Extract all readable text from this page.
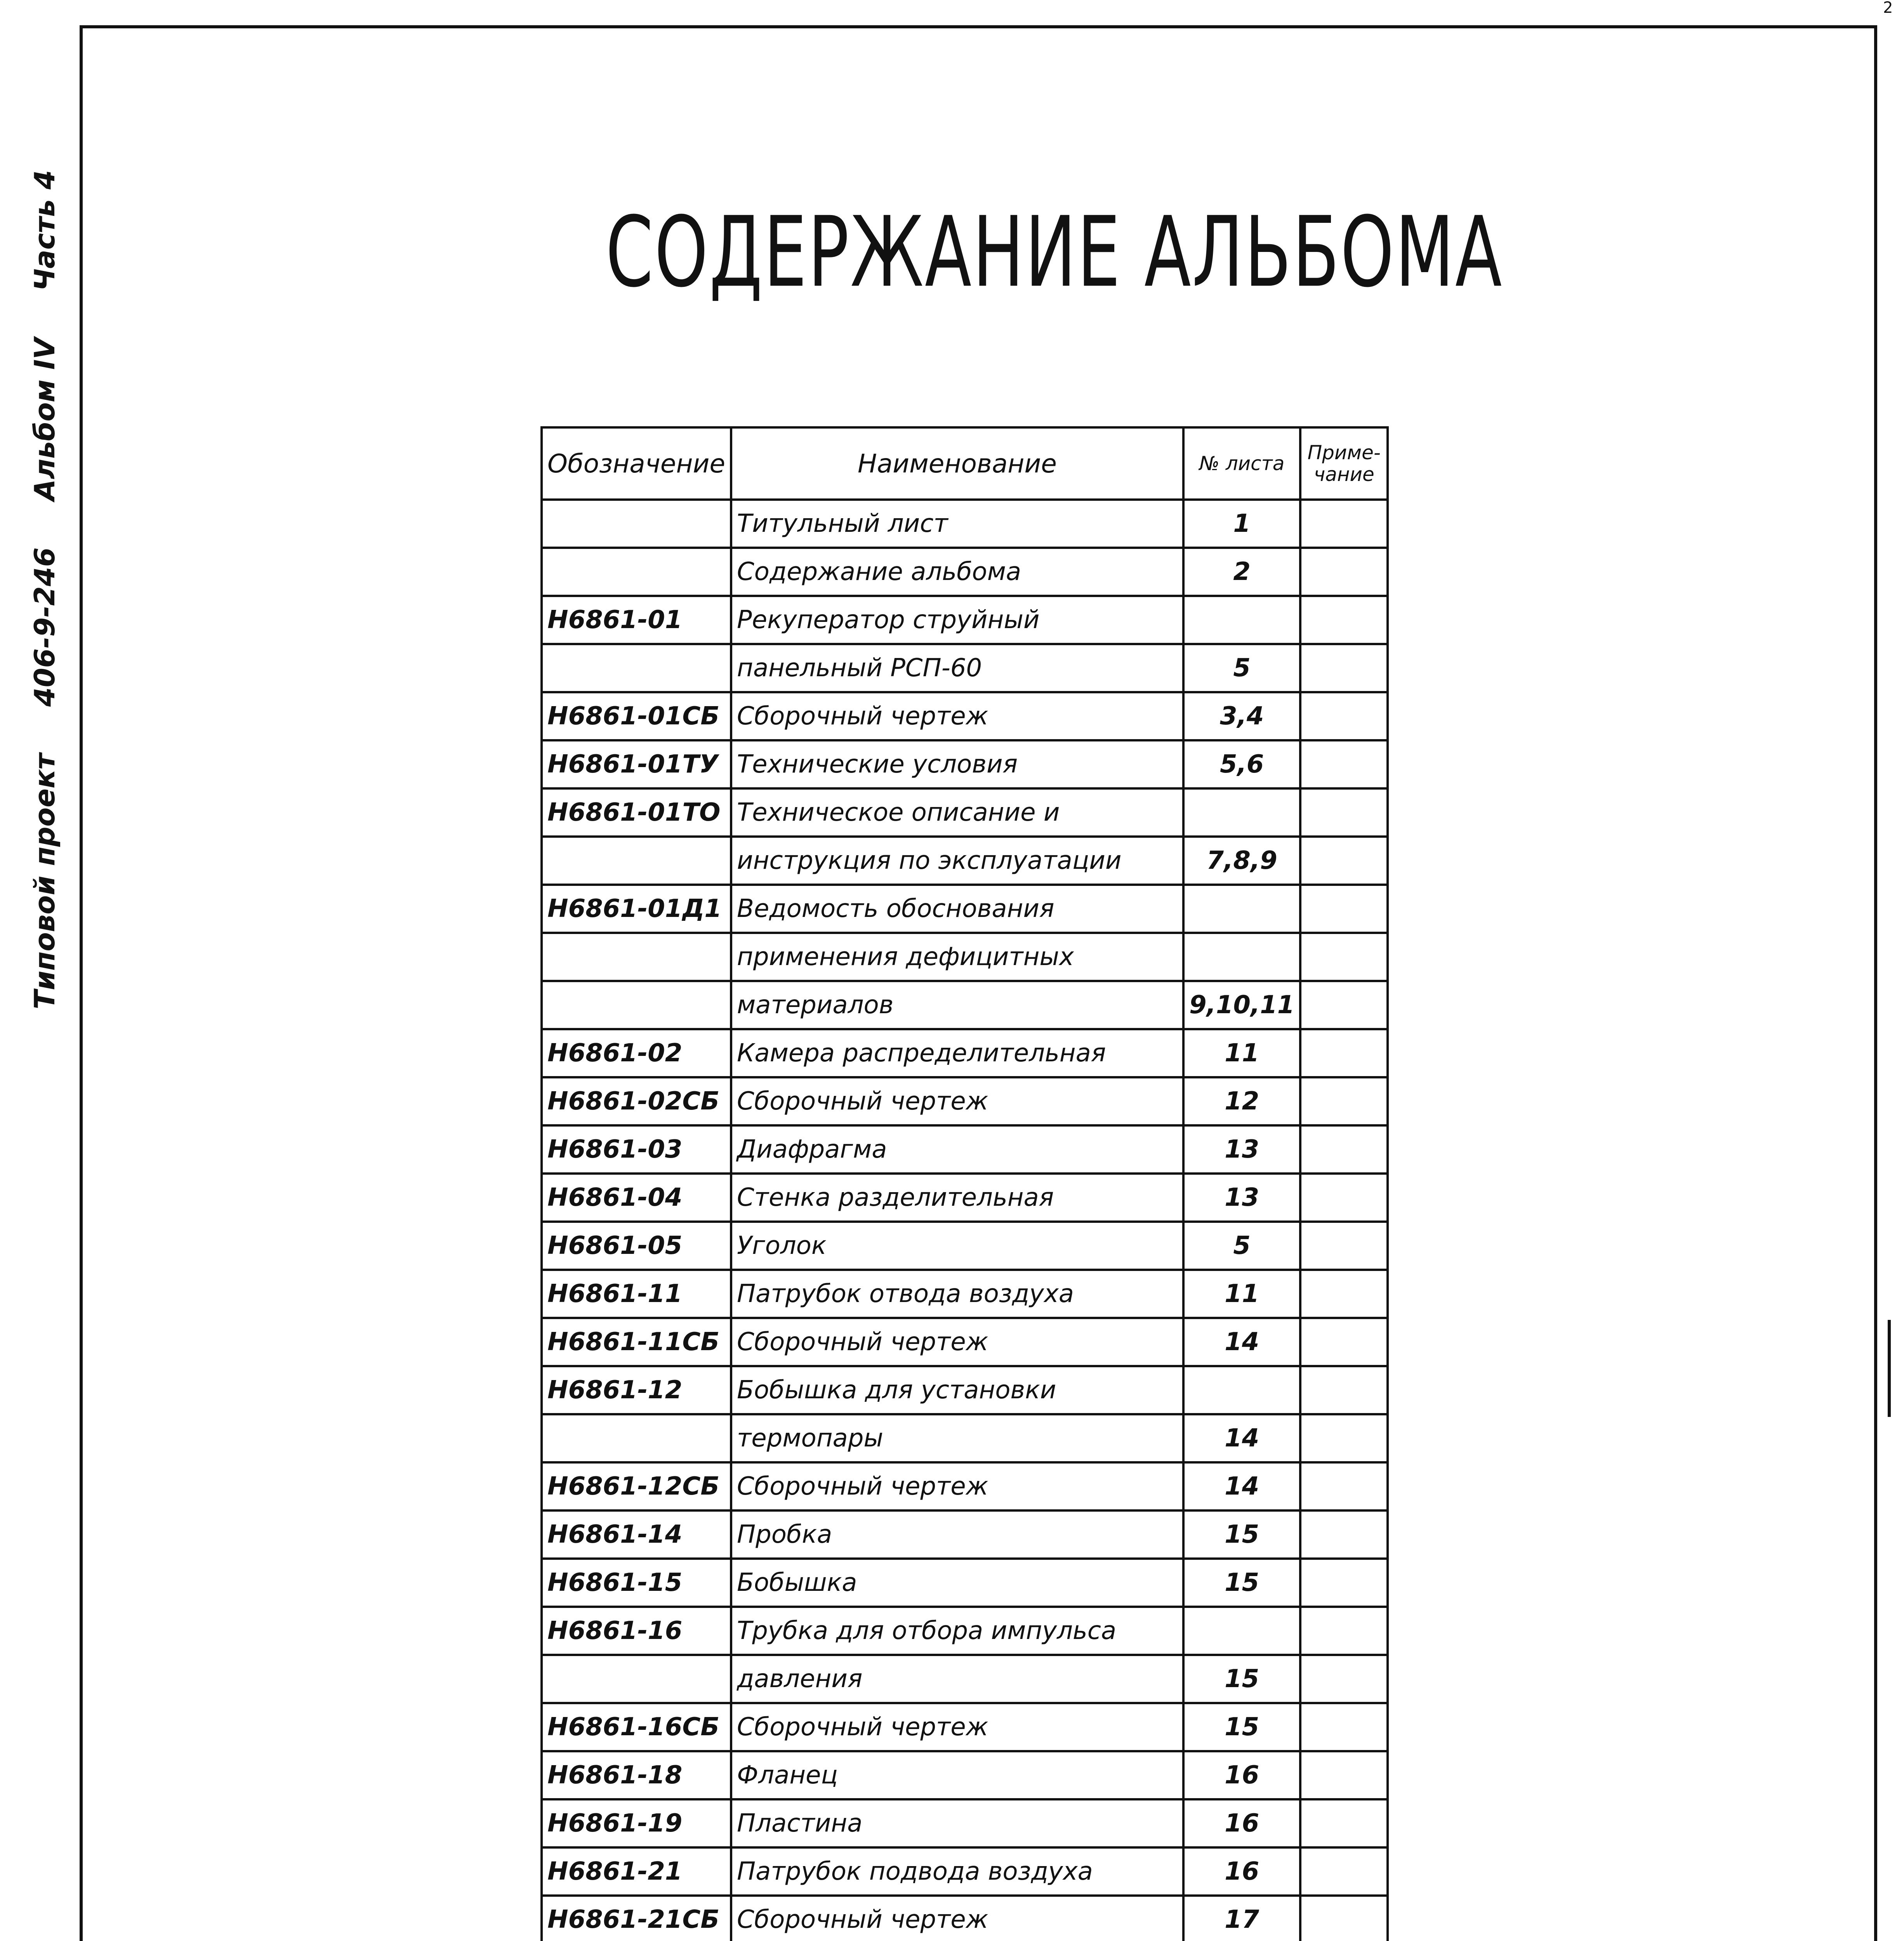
Типовой проект
406-9-246
Альбом IV
Часть 4	СОДЕРЖАНИЕ АЛЬБОМА
2
Обозначение	Наименование	№ листа	Приме-чание
	Титульный лист	1	
	Содержание альбома	2	
Н6861-01	Рекуператор струйный		
	панельный РСП-60	5	
Н6861-01СБ	Сборочный чертеж	3,4	
Н6861-01ТУ	Технические условия	5,6	
Н6861-01ТО	Техническое описание и		
	инструкция по эксплуатации	7,8,9	
Н6861-01Д1	Ведомость обоснования		
	применения дефицитных		
	материалов	9,10,11	
Н6861-02	Камера распределительная	11	
Н6861-02СБ	Сборочный чертеж	12	
Н6861-03	Диафрагма	13	
Н6861-04	Стенка разделительная	13	
Н6861-05	Уголок	5	
Н6861-11	Патрубок отвода воздуха	11	
Н6861-11СБ	Сборочный чертеж	14	
Н6861-12	Бобышка для установки		
	термопары	14	
Н6861-12СБ	Сборочный чертеж	14	
Н6861-14	Пробка	15	
Н6861-15	Бобышка	15	
Н6861-16	Трубка для отбора импульса		
	давления	15	
Н6861-16СБ	Сборочный чертеж	15	
Н6861-18	Фланец	16	
Н6861-19	Пластина	16	
Н6861-21	Патрубок подвода воздуха	16	
Н6861-21СБ	Сборочный чертеж	17	
